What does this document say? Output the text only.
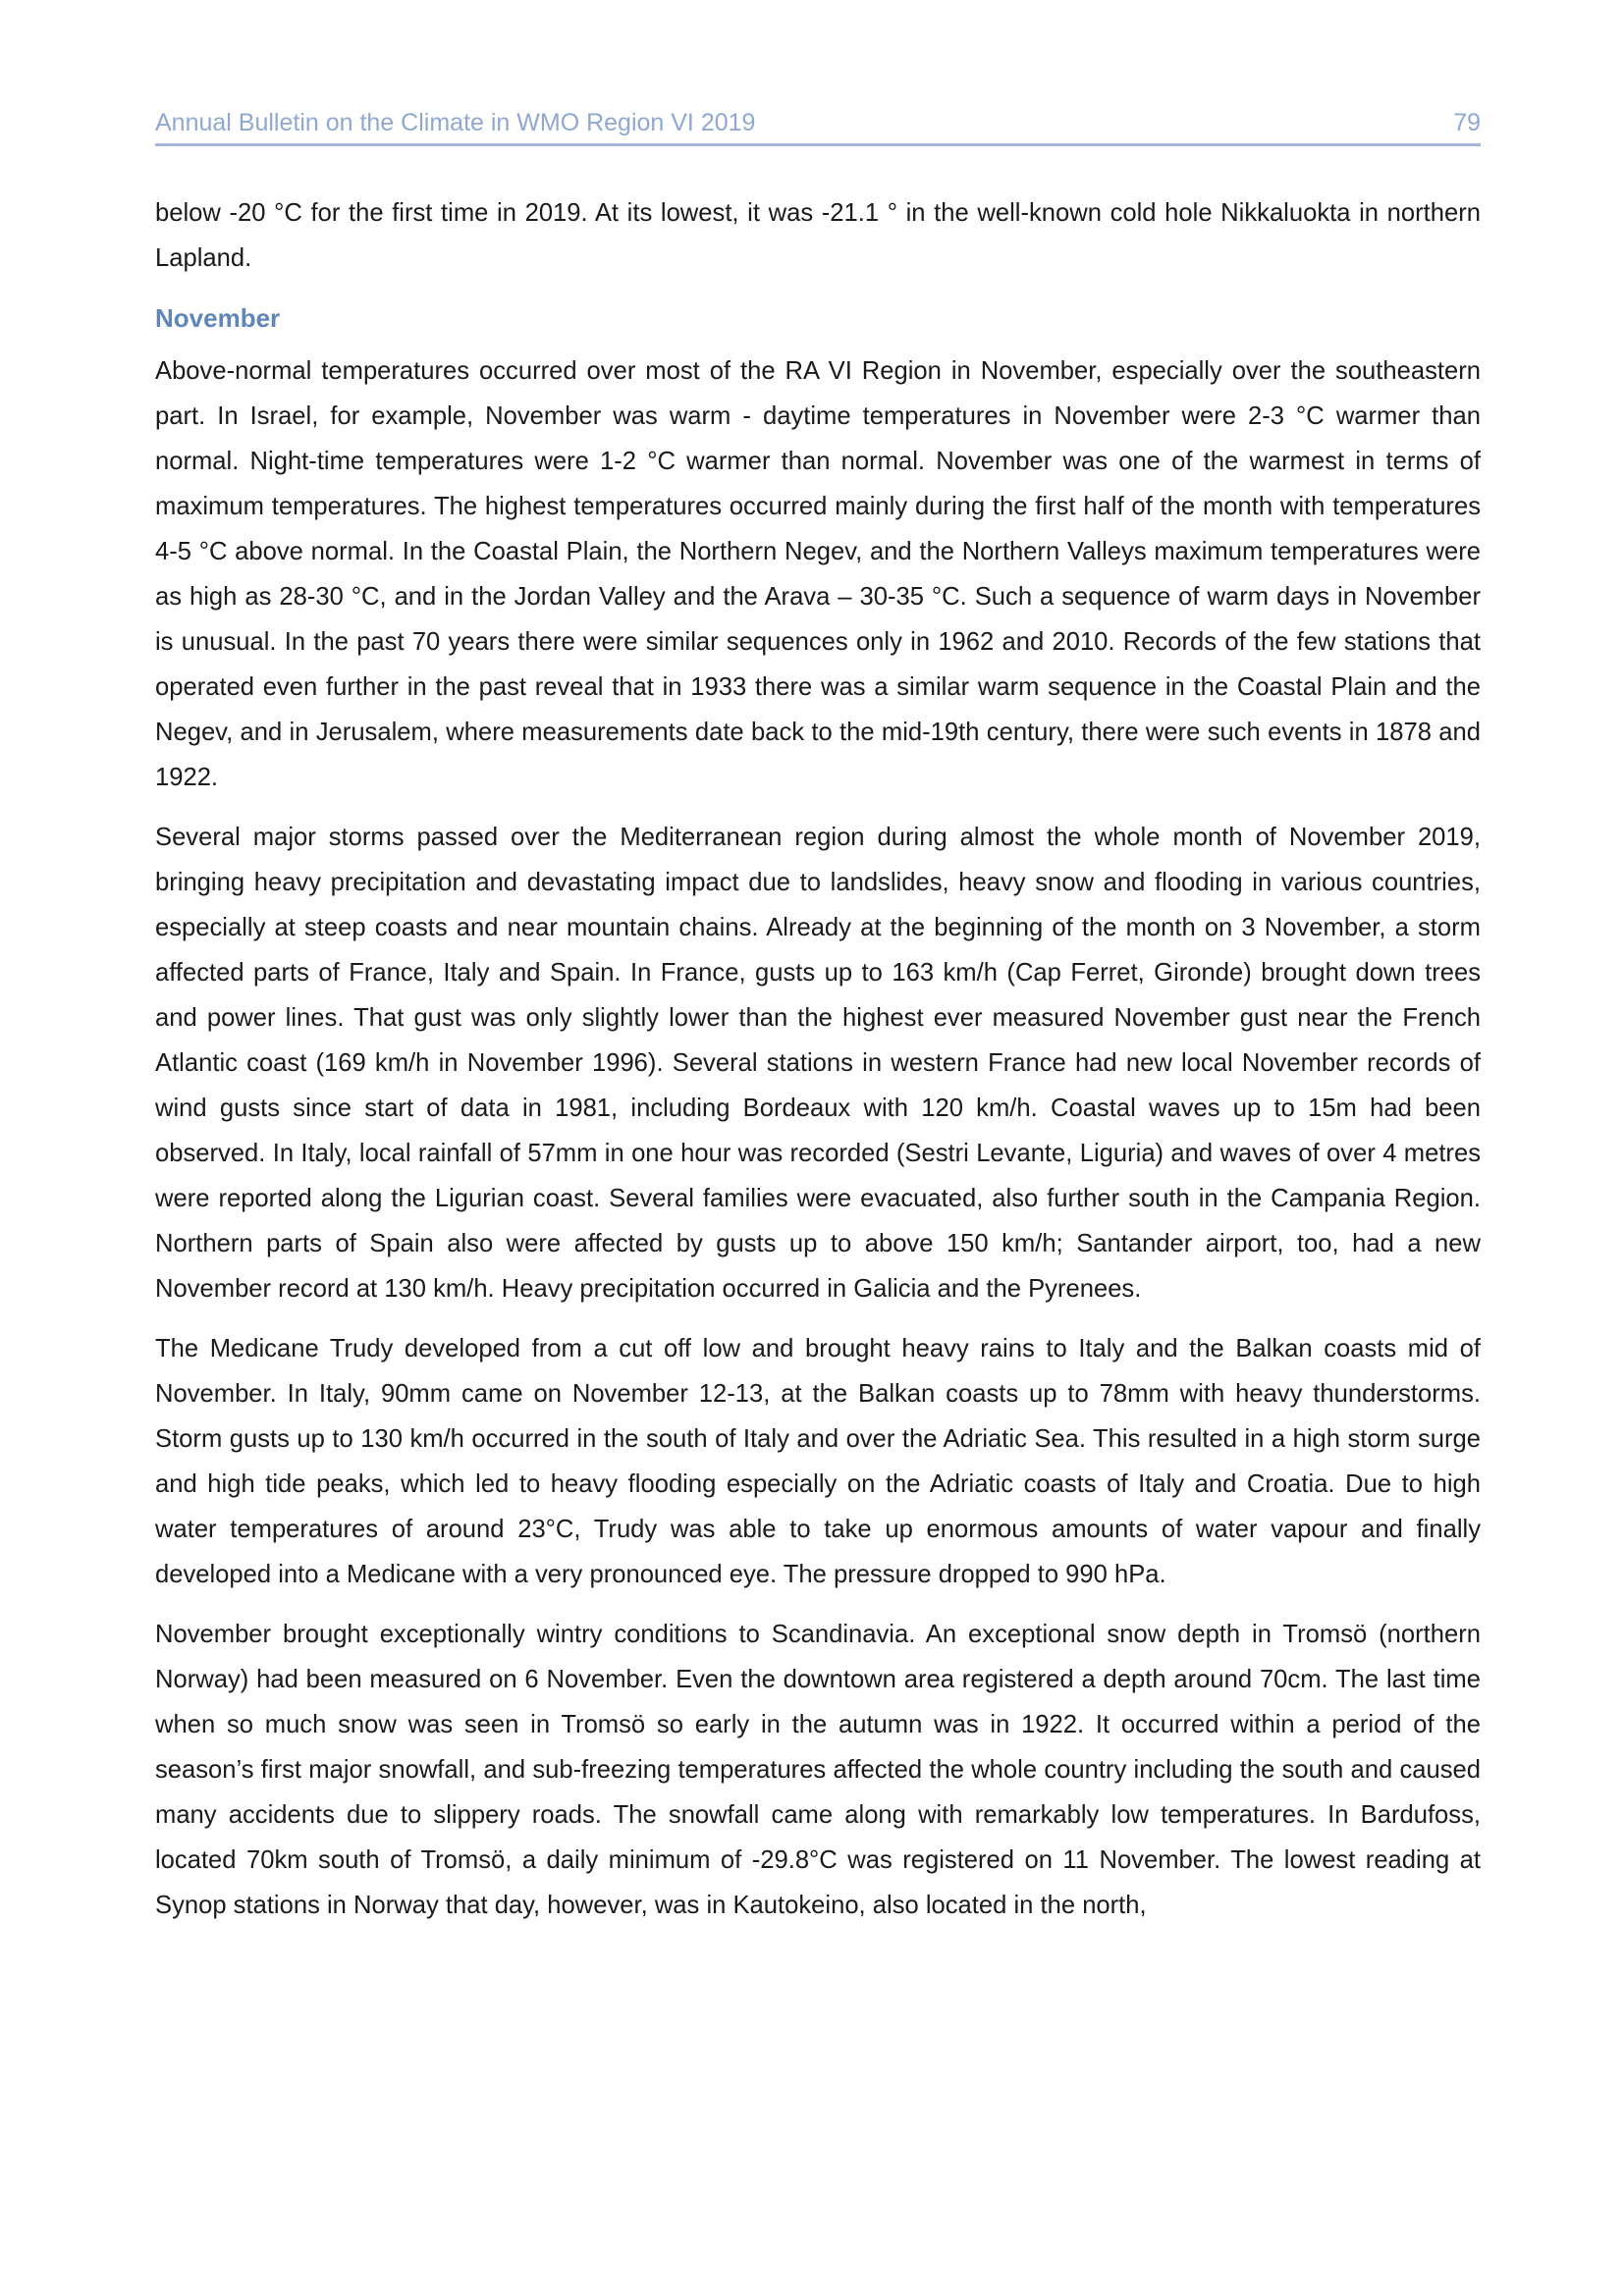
Annual Bulletin on the Climate in WMO Region VI 2019	79

below -20 °C for the first time in 2019. At its lowest, it was -21.1 ° in the well-known cold hole Nikkaluokta in northern Lapland.

November

Above-normal temperatures occurred over most of the RA VI Region in November, especially over the southeastern part. In Israel, for example, November was warm - daytime temperatures in November were 2-3 °C warmer than normal. Night-time temperatures were 1-2 °C warmer than normal. November was one of the warmest in terms of maximum temperatures. The highest temperatures occurred mainly during the first half of the month with temperatures 4-5 °C above normal. In the Coastal Plain, the Northern Negev, and the Northern Valleys maximum temperatures were as high as 28-30 °C, and in the Jordan Valley and the Arava – 30-35 °C. Such a sequence of warm days in November is unusual. In the past 70 years there were similar sequences only in 1962 and 2010. Records of the few stations that operated even further in the past reveal that in 1933 there was a similar warm sequence in the Coastal Plain and the Negev, and in Jerusalem, where measurements date back to the mid-19th century, there were such events in 1878 and 1922.

Several major storms passed over the Mediterranean region during almost the whole month of November 2019, bringing heavy precipitation and devastating impact due to landslides, heavy snow and flooding in various countries, especially at steep coasts and near mountain chains. Already at the beginning of the month on 3 November, a storm affected parts of France, Italy and Spain. In France, gusts up to 163 km/h (Cap Ferret, Gironde) brought down trees and power lines. That gust was only slightly lower than the highest ever measured November gust near the French Atlantic coast (169 km/h in November 1996). Several stations in western France had new local November records of wind gusts since start of data in 1981, including Bordeaux with 120 km/h. Coastal waves up to 15m had been observed. In Italy, local rainfall of 57mm in one hour was recorded (Sestri Levante, Liguria) and waves of over 4 metres were reported along the Ligurian coast. Several families were evacuated, also further south in the Campania Region. Northern parts of Spain also were affected by gusts up to above 150 km/h; Santander airport, too, had a new November record at 130 km/h. Heavy precipitation occurred in Galicia and the Pyrenees.

The Medicane Trudy developed from a cut off low and brought heavy rains to Italy and the Balkan coasts mid of November. In Italy, 90mm came on November 12-13, at the Balkan coasts up to 78mm with heavy thunderstorms. Storm gusts up to 130 km/h occurred in the south of Italy and over the Adriatic Sea. This resulted in a high storm surge and high tide peaks, which led to heavy flooding especially on the Adriatic coasts of Italy and Croatia. Due to high water temperatures of around 23°C, Trudy was able to take up enormous amounts of water vapour and finally developed into a Medicane with a very pronounced eye. The pressure dropped to 990 hPa.

November brought exceptionally wintry conditions to Scandinavia. An exceptional snow depth in Tromsö (northern Norway) had been measured on 6 November. Even the downtown area registered a depth around 70cm. The last time when so much snow was seen in Tromsö so early in the autumn was in 1922. It occurred within a period of the season’s first major snowfall, and sub-freezing temperatures affected the whole country including the south and caused many accidents due to slippery roads. The snowfall came along with remarkably low temperatures. In Bardufoss, located 70km south of Tromsö, a daily minimum of -29.8°C was registered on 11 November. The lowest reading at Synop stations in Norway that day, however, was in Kautokeino, also located in the north,
